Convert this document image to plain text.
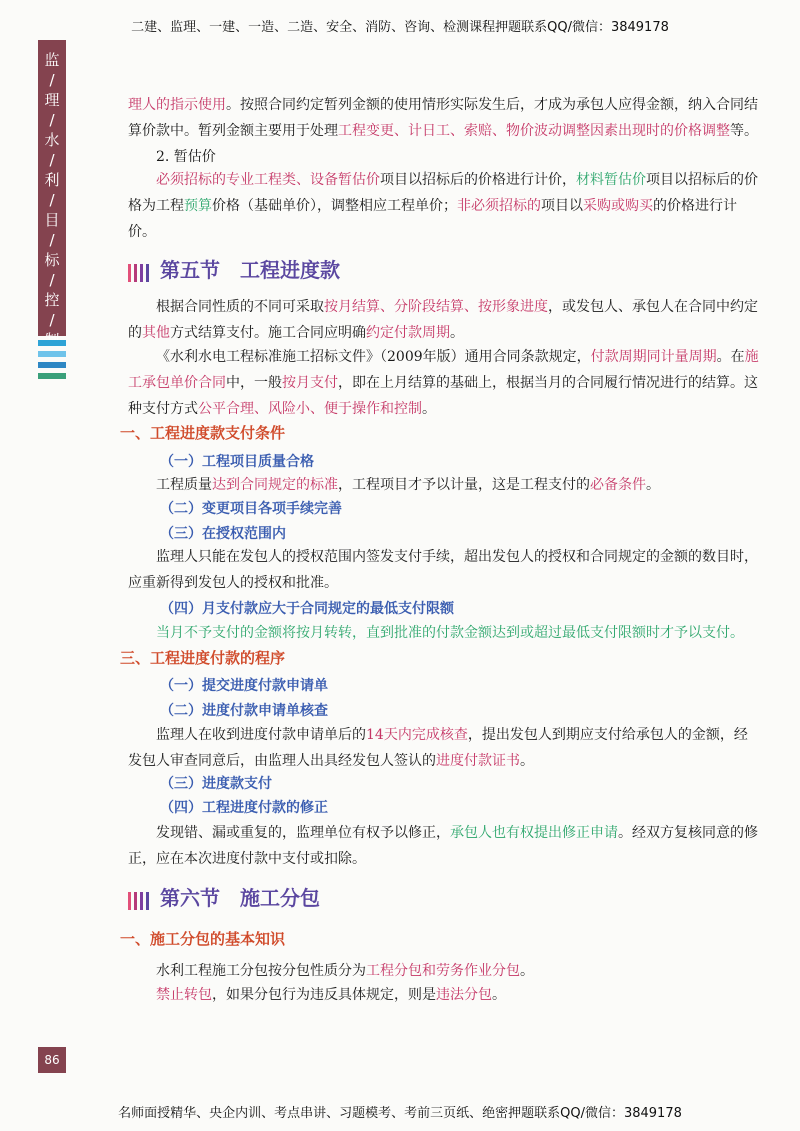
二建、监理、一建、一造、二造、安全、消防、咨询、检测课程押题联系QQ/微信：3849178
监
/
理
/
水
/
利
/
目
/
标
/
控
/

理人的指示使用。按照合同约定暂列金额的使用情形实际发生后，才成为承包人应得金额，纳入合同结算价款中。暂列金额主要用于处理工程变更、计日工、索赔、物价波动调整因素出现时的价格调整等。

2. 暂估价

必须招标的专业工程类、设备暂估价项目以招标后的价格进行计价，材料暂估价项目以招标后的价格为工程预算价格（基础单价），调整相应工程单价；非必须招标的项目以采购或购买的价格进行计价。

第五节 工程进度款

根据合同性质的不同可采取按月结算、分阶段结算、按形象进度，或发包人、承包人在合同中约定的其他方式结算支付。施工合同应明确约定付款周期。

《水利水电工程标准施工招标文件》（2009年版）通用合同条款规定，付款周期同计量周期。在施工承包单价合同中，一般按月支付，即在上月结算的基础上，根据当月的合同履行情况进行的结算。这种支付方式公平合理、风险小、便于操作和控制。

一、工程进度款支付条件

（一）工程项目质量合格

工程质量达到合同规定的标准，工程项目才予以计量，这是工程支付的必备条件。

（二）变更项目各项手续完善

（三）在授权范围内

监理人只能在发包人的授权范围内签发支付手续，超出发包人的授权和合同规定的金额的数目时，应重新得到发包人的授权和批准。

（四）月支付款应大于合同规定的最低支付限额

当月不予支付的金额将按月转转，直到批准的付款金额达到或超过最低支付限额时才予以支付。

三、工程进度付款的程序

（一）提交进度付款申请单

（二）进度付款申请单核查

监理人在收到进度付款申请单后的14天内完成核查，提出发包人到期应支付给承包人的金额，经发包人审查同意后，由监理人出具经发包人签认的进度付款证书。

（三）进度款支付

（四）工程进度付款的修正

发现错、漏或重复的，监理单位有权予以修正，承包人也有权提出修正申请。经双方复核同意的修正，应在本次进度付款中支付或扣除。

第六节 施工分包

一、施工分包的基本知识

水利工程施工分包按分包性质分为工程分包和劳务作业分包。

禁止转包，如果分包行为违反具体规定，则是违法分包。

86
名师面授精华、央企内训、考点串讲、习题模考、考前三页纸、绝密押题联系QQ/微信：3849178
